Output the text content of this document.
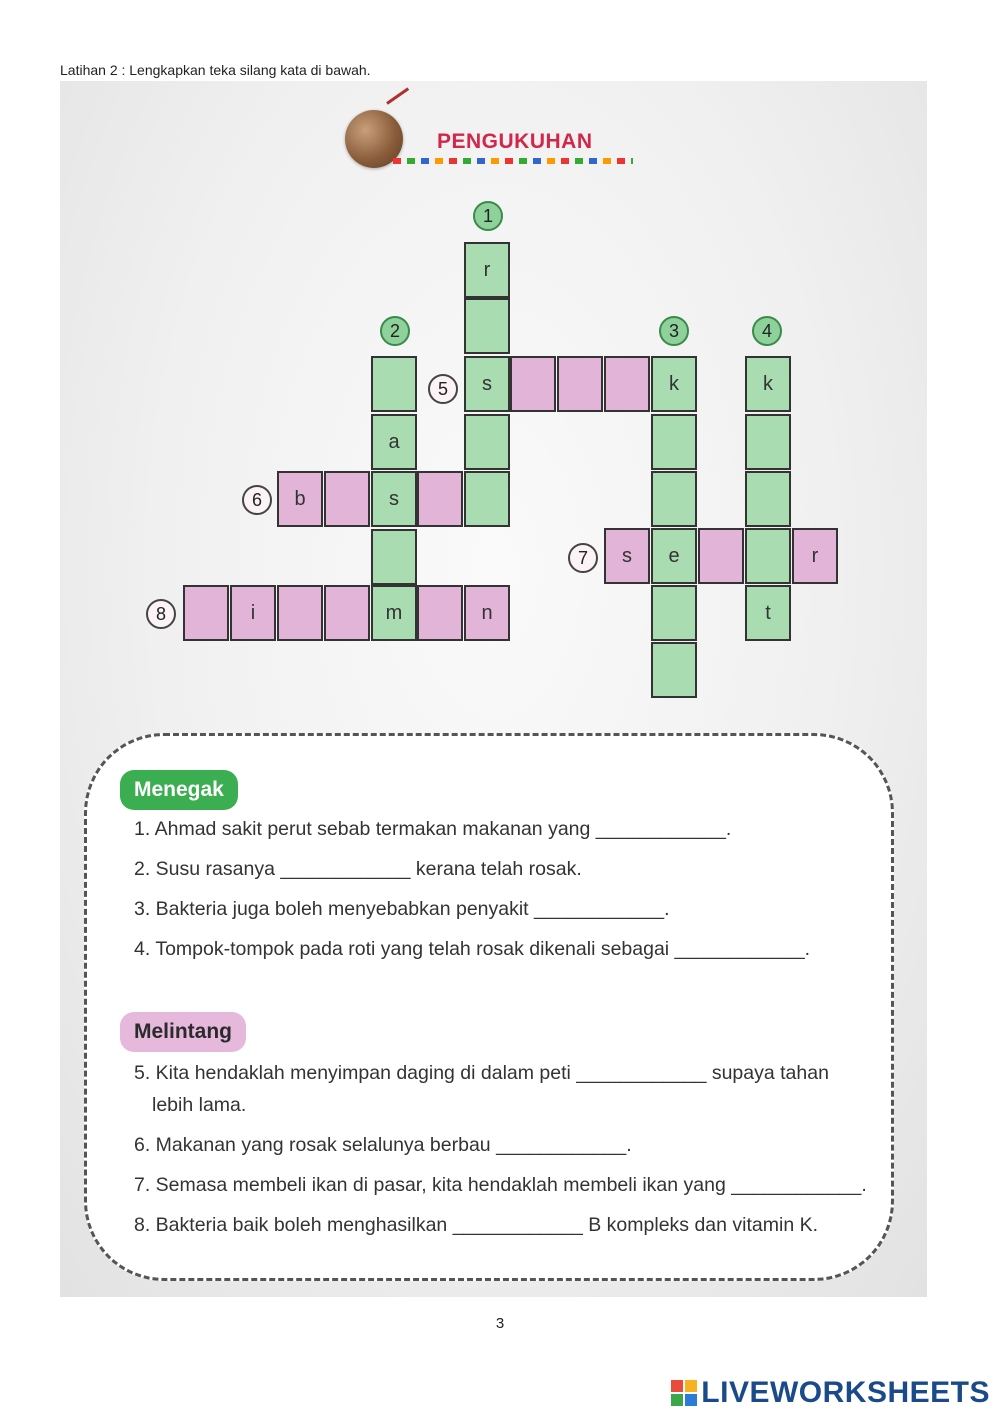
Latihan 2 : Lengkapkan teka silang kata di bawah.
PENGUKUHAN
1
2	3	4
5
6
7
8
r
s
a
s
m
b
i	n
k
e
k
t
s	r
Menegak
1. Ahmad sakit perut sebab termakan makanan yang ____________.
2. Susu rasanya ____________ kerana telah rosak.
3. Bakteria juga boleh menyebabkan penyakit ____________.
4. Tompok-tompok pada roti yang telah rosak dikenali sebagai ____________.
Melintang
5. Kita hendaklah menyimpan daging di dalam peti ____________ supaya tahan
lebih lama.
6. Makanan yang rosak selalunya berbau ____________.
7. Semasa membeli ikan di pasar, kita hendaklah membeli ikan yang ____________.
8. Bakteria baik boleh menghasilkan ____________ B kompleks dan vitamin K.
3
LIVEWORKSHEETS
